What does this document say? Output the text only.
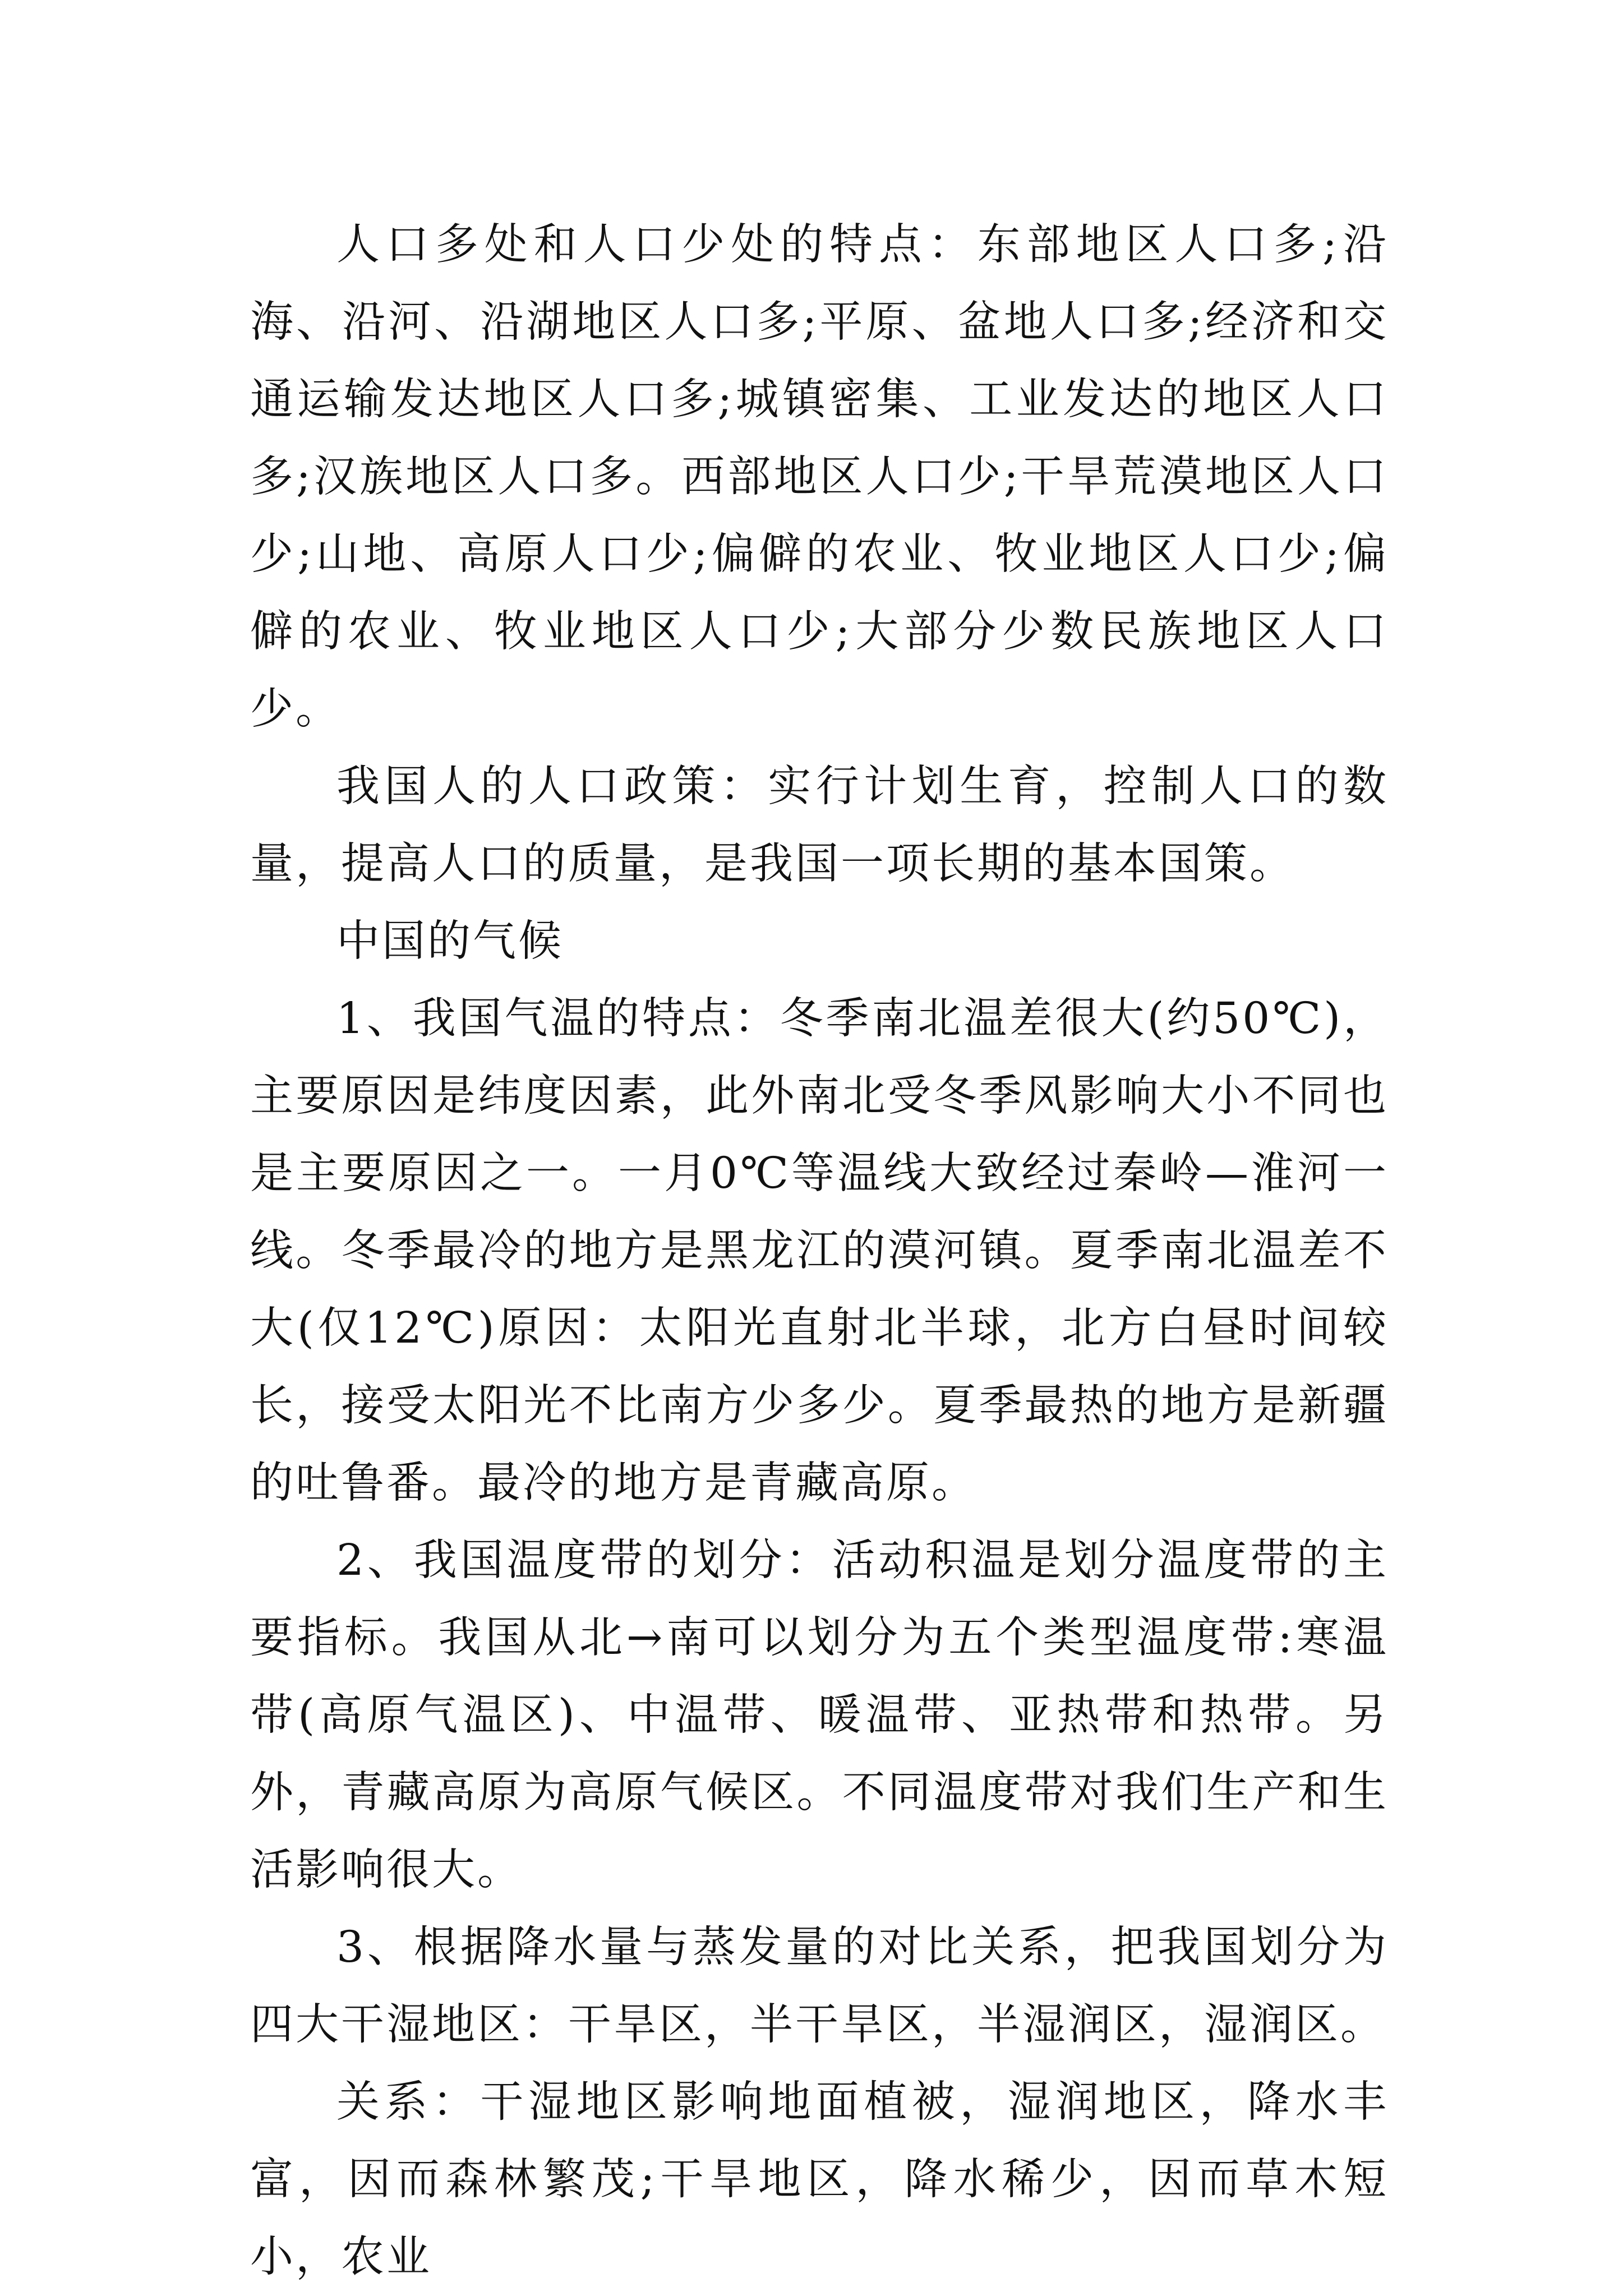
人口多处和人口少处的特点：东部地区人口多;沿海、沿河、沿湖地区人口多;平原、盆地人口多;经济和交通运输发达地区人口多;城镇密集、工业发达的地区人口多;汉族地区人口多。西部地区人口少;干旱荒漠地区人口少;山地、高原人口少;偏僻的农业、牧业地区人口少;偏僻的农业、牧业地区人口少;大部分少数民族地区人口少。

我国人的人口政策：实行计划生育，控制人口的数量，提高人口的质量，是我国一项长期的基本国策。

中国的气候

1、我国气温的特点：冬季南北温差很大(约50℃)，主要原因是纬度因素，此外南北受冬季风影响大小不同也是主要原因之一。一月0℃等温线大致经过秦岭—淮河一线。冬季最冷的地方是黑龙江的漠河镇。夏季南北温差不大(仅12℃)原因：太阳光直射北半球，北方白昼时间较长，接受太阳光不比南方少多少。夏季最热的地方是新疆的吐鲁番。最冷的地方是青藏高原。

2、我国温度带的划分：活动积温是划分温度带的主要指标。我国从北→南可以划分为五个类型温度带:寒温带(高原气温区)、中温带、暖温带、亚热带和热带。另外，青藏高原为高原气候区。不同温度带对我们生产和生活影响很大。

3、根据降水量与蒸发量的对比关系，把我国划分为四大干湿地区：干旱区，半干旱区，半湿润区，湿润区。

关系：干湿地区影响地面植被，湿润地区，降水丰富，因而森林繁茂;干旱地区，降水稀少，因而草木短小，农业
